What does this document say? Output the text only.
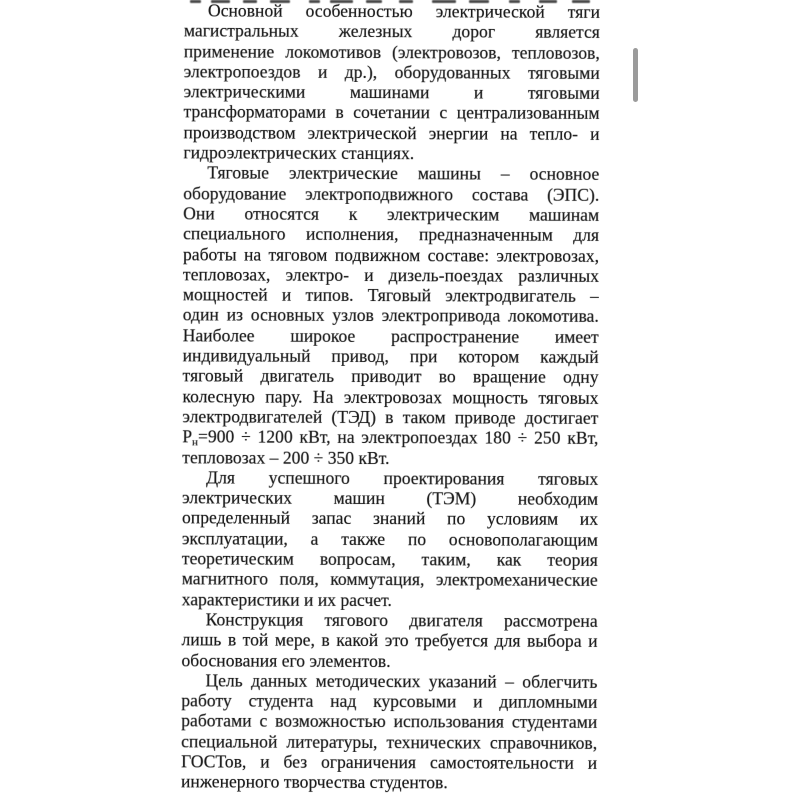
Основной особенностью электрической тяги
магистральных железных дорог является
применение локомотивов (электровозов, тепловозов,
электропоездов и др.), оборудованных тяговыми
электрическими машинами и тяговыми
трансформаторами в сочетании с централизованным
производством электрической энергии на тепло- и
гидроэлектрических станциях.
Тяговые электрические машины – основное
оборудование электроподвижного состава (ЭПС).
Они относятся к электрическим машинам
специального исполнения, предназначенным для
работы на тяговом подвижном составе: электровозах,
тепловозах, электро- и дизель-поездах различных
мощностей и типов. Тяговый электродвигатель –
один из основных узлов электропривода локомотива.
Наиболее широкое распространение имеет
индивидуальный привод, при котором каждый
тяговый двигатель приводит во вращение одну
колесную пару. На электровозах мощность тяговых
электродвигателей (ТЭД) в таком приводе достигает
$Р_н=900 \div 1200$ кВт, на электропоездах 180 ÷ 250 кВт,
тепловозах – 200 ÷ 350 кВт.
Для успешного проектирования тяговых
электрических машин (ТЭМ) необходим
определенный запас знаний по условиям их
эксплуатации, а также по основополагающим
теоретическим вопросам, таким, как теория
магнитного поля, коммутация, электромеханические
характеристики и их расчет.
Конструкция тягового двигателя рассмотрена
лишь в той мере, в какой это требуется для выбора и
обоснования его элементов.
Цель данных методических указаний – облегчить
работу студента над курсовыми и дипломными
работами с возможностью использования студентами
специальной литературы, технических справочников,
ГОСТов, и без ограничения самостоятельности и
инженерного творчества студентов.
